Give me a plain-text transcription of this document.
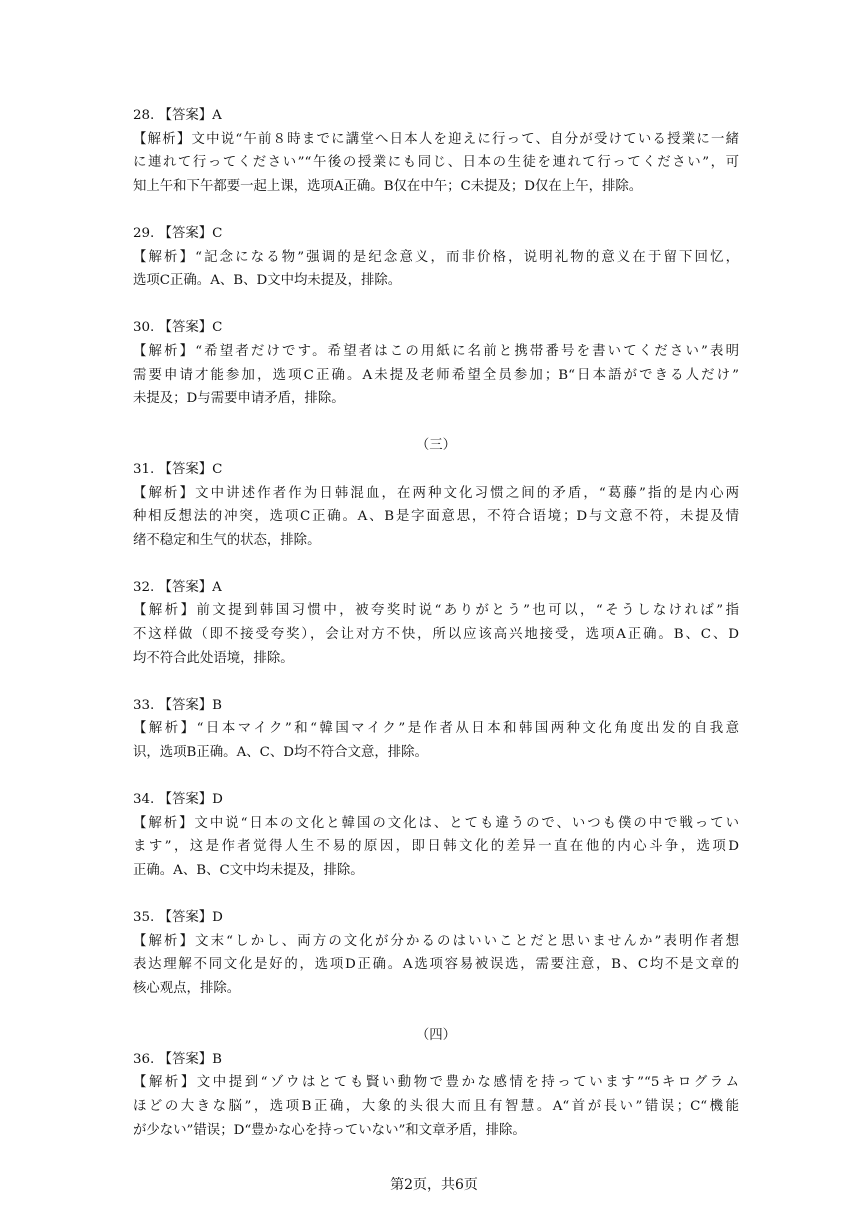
28. 【答案】A
【解析】文中说“午前８時までに講堂へ日本人を迎えに行って、自分が受けている授業に一緒
に連れて行ってください”“午後の授業にも同じ、日本の生徒を連れて行ってください”，可
知上午和下午都要一起上课，选项A正确。B仅在中午；C未提及；D仅在上午，排除。
29. 【答案】C
【解析】“記念になる物”强调的是纪念意义，而非价格，说明礼物的意义在于留下回忆，
选项C正确。A、B、D文中均未提及，排除。
30. 【答案】C
【解析】“希望者だけです。希望者はこの用紙に名前と携帯番号を書いてください”表明
需要申请才能参加，选项C正确。A未提及老师希望全员参加；B“日本語ができる人だけ”
未提及；D与需要申请矛盾，排除。
（三）
31. 【答案】C
【解析】文中讲述作者作为日韩混血，在两种文化习惯之间的矛盾，“葛藤”指的是内心两
种相反想法的冲突，选项C正确。A、B是字面意思，不符合语境；D与文意不符，未提及情
绪不稳定和生气的状态，排除。
32. 【答案】A
【解析】前文提到韩国习惯中，被夸奖时说“ありがとう”也可以，“そうしなければ”指
不这样做（即不接受夸奖），会让对方不快，所以应该高兴地接受，选项A正确。B、C、D
均不符合此处语境，排除。
33. 【答案】B
【解析】“日本マイク”和“韓国マイク”是作者从日本和韩国两种文化角度出发的自我意
识，选项B正确。A、C、D均不符合文意，排除。
34. 【答案】D
【解析】文中说“日本の文化と韓国の文化は、とても違うので、いつも僕の中で戦ってい
ます”，这是作者觉得人生不易的原因，即日韩文化的差异一直在他的内心斗争，选项D
正确。A、B、C文中均未提及，排除。
35. 【答案】D
【解析】文末“しかし、両方の文化が分かるのはいいことだと思いませんか”表明作者想
表达理解不同文化是好的，选项D正确。A选项容易被误选，需要注意，B、C均不是文章的
核心观点，排除。
（四）
36. 【答案】B
【解析】文中提到“ゾウはとても賢い動物で豊かな感情を持っています”“5キログラム
ほどの大きな脳”，选项B正确，大象的头很大而且有智慧。A“首が長い”错误；C“機能
が少ない”错误；D“豊かな心を持っていない”和文章矛盾，排除。
第2页，共6页
